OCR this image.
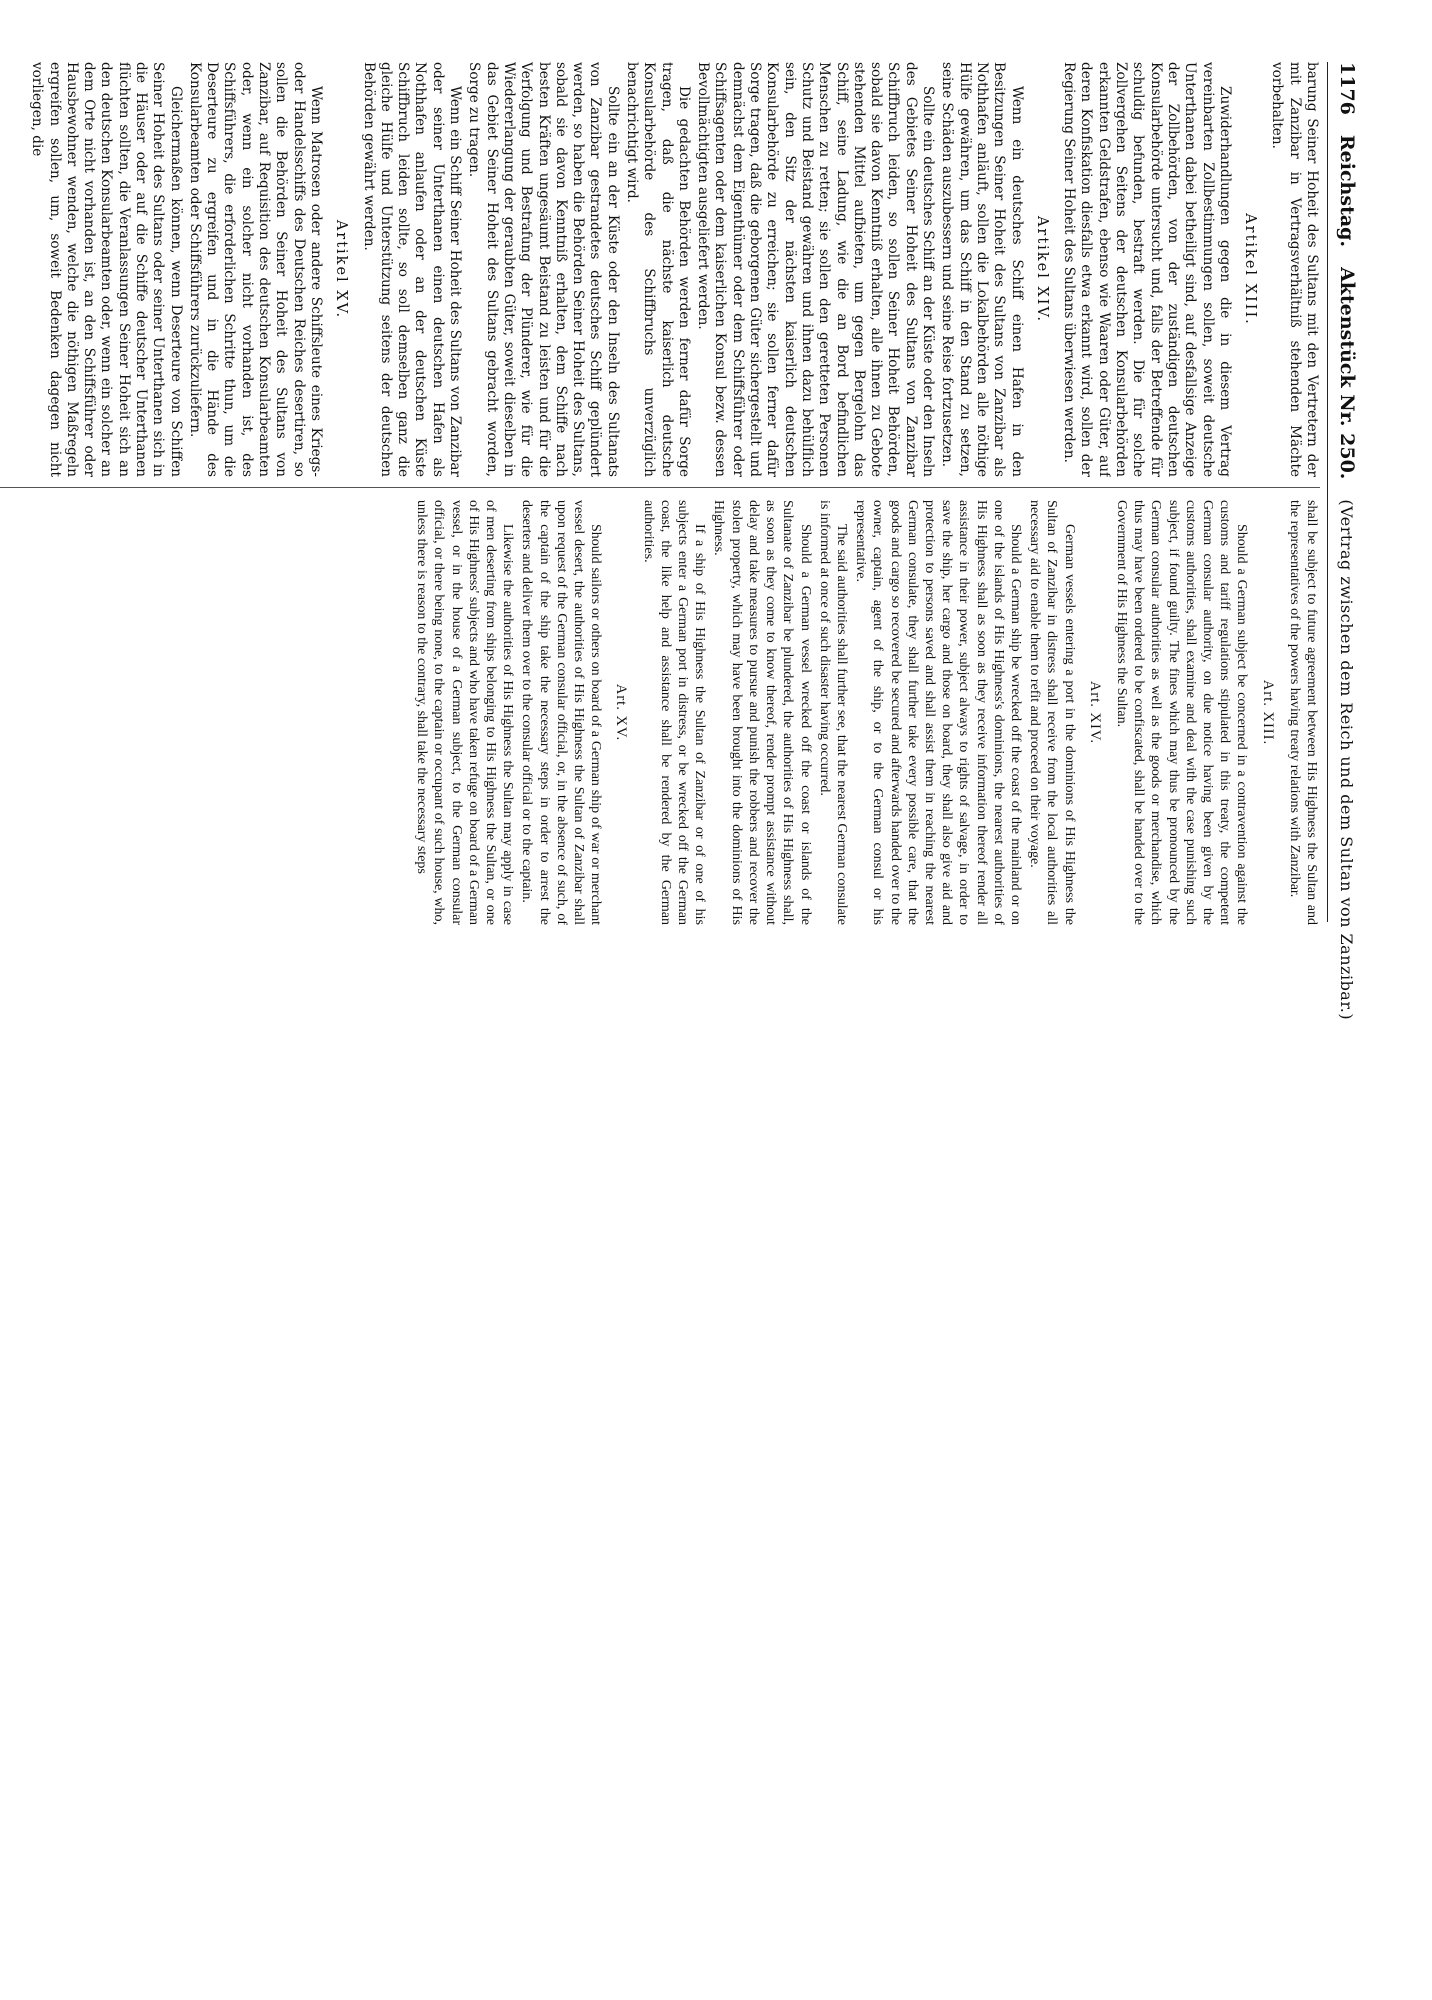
1176
Reichstag.
Aktenstück Nr. 250.
(Vertrag zwischen dem Reich und dem Sultan von Zanzibar.)

barung Seiner Hoheit des Sultans mit den Vertretern der mit Zanzibar in Vertragsverhältniß stehenden Mächte vorbehalten.

Artikel XIII.

Zuwiderhandlungen gegen die in diesem Vertrag vereinbarten Zollbestimmungen sollen, soweit deutsche Unterthanen dabei betheiligt sind, auf desfallsige Anzeige der Zollbehörden, von der zuständigen deutschen Konsularbehörde untersucht und, falls der Betreffende für schuldig befunden, bestraft werden. Die für solche Zollvergehen Seitens der deutschen Konsularbehörden erkannten Geldstrafen, ebenso wie Waaren oder Güter, auf deren Konfiskation diesfalls etwa erkannt wird, sollen der Regierung Seiner Hoheit des Sultans überwiesen werden.

Artikel XIV.

Wenn ein deutsches Schiff einen Hafen in den Besitzungen Seiner Hoheit des Sultans von Zanzibar als Nothhafen anläuft, sollen die Lokalbehörden alle nöthige Hülfe gewähren, um das Schiff in den Stand zu setzen, seine Schäden auszubessern und seine Reise fortzusetzen.

Sollte ein deutsches Schiff an der Küste oder den Inseln des Gebietes Seiner Hoheit des Sultans von Zanzibar Schiffbruch leiden, so sollen Seiner Hoheit Behörden, sobald sie davon Kenntniß erhalten, alle ihnen zu Gebote stehenden Mittel aufbieten, um gegen Bergelohn das Schiff, seine Ladung, wie die an Bord befindlichen Menschen zu retten; sie sollen den geretteten Personen Schutz und Beistand gewähren und ihnen dazu behülflich sein, den Sitz der nächsten kaiserlich deutschen Konsularbehörde zu erreichen; sie sollen ferner dafür Sorge tragen, daß die geborgenen Güter sichergestellt und demnächst dem Eigenthümer oder dem Schiffsführer oder Schiffsagenten oder dem kaiserlichen Konsul bezw. dessen Bevollmächtigten ausgeliefert werden.

Die gedachten Behörden werden ferner dafür Sorge tragen, daß die nächste kaiserlich deutsche Konsularbehörde des Schiffbruchs unverzüglich benachrichtigt wird.

Sollte ein an der Küste oder den Inseln des Sultanats von Zanzibar gestrandetes deutsches Schiff geplündert werden, so haben die Behörden Seiner Hoheit des Sultans, sobald sie davon Kenntniß erhalten, dem Schiffe nach besten Kräften ungesäumt Beistand zu leisten und für die Verfolgung und Bestrafung der Plünderer, wie für die Wiedererlangung der geraubten Güter, soweit dieselben in das Gebiet Seiner Hoheit des Sultans gebracht worden, Sorge zu tragen.

Wenn ein Schiff Seiner Hoheit des Sultans von Zanzibar oder seiner Unterthanen einen deutschen Hafen als Nothhafen anlaufen oder an der deutschen Küste Schiffbruch leiden sollte, so soll demselben ganz die gleiche Hülfe und Unterstützung seitens der deutschen Behörden gewährt werden.

Artikel XV.

Wenn Matrosen oder andere Schiffsleute eines Kriegs- oder Handelsschiffs des Deutschen Reiches desertiren, so sollen die Behörden Seiner Hoheit des Sultans von Zanzibar, auf Requisition des deutschen Konsularbeamten oder, wenn ein solcher nicht vorhanden ist, des Schiffsführers, die erforderlichen Schritte thun, um die Deserteure zu ergreifen und in die Hände des Konsularbeamten oder Schiffsführers zurückzuliefern.

Gleichermaßen können, wenn Deserteure von Schiffen Seiner Hoheit des Sultans oder seiner Unterthanen sich in die Häuser oder auf die Schiffe deutscher Unterthanen flüchten sollten, die Veranlassungen Seiner Hoheit sich an den deutschen Konsularbeamten oder, wenn ein solcher an dem Orte nicht vorhanden ist, an den Schiffsführer oder Hausbewohner wenden, welche die nöthigen Maßregeln ergreifen sollen, um, soweit Bedenken dagegen nicht vorliegen, die

shall be subject to future agreement between His Highness the Sultan and the representatives of the powers having treaty relations with Zanzibar.

Art. XIII.

Should a German subject be concerned in a contravention against the customs and tariff regulations stipulated in this treaty, the competent German consular authority, on due notice having been given by the customs authorities, shall examine and deal with the case punishing such subject, if found guilty. The fines which may thus be pronounced by the German consular authorities as well as the goods or merchandise, which thus may have been ordered to be confiscated, shall be handed over to the Government of His Highness the Sultan.

Art. XIV.

German vessels entering a port in the dominions of His Highness the Sultan of Zanzibar in distress shall receive from the local authorities all necessary aid to enable them to refit and proceed on their voyage.

Should a German ship be wrecked off the coast of the mainland or on one of the islands of His Highness's dominions, the nearest authorities of His Highness shall as soon as they receive information thereof render all assistance in their power, subject always to rights of salvage, in order to save the ship, her cargo and those on board, they shall also give aid and protection to persons saved and shall assist them in reaching the nearest German consulate, they shall further take every possible care, that the goods and cargo so recovered be secured and afterwards handed over to the owner, captain, agent of the ship, or to the German consul or his representative.

The said authorities shall further see, that the nearest German consulate is informed at once of such disaster having occurred.

Should a German vessel wrecked off the coast or islands of the Sultanate of Zanzibar be plundered, the authorities of His Highness shall, as soon as they come to know thereof, render prompt assistance without delay and take measures to pursue and punish the robbers and recover the stolen property, which may have been brought into the dominions of His Highness.

If a ship of His Highness the Sultan of Zanzibar or of one of his subjects enter a German port in distress, or be wrecked off the German coast, the like help and assistance shall be rendered by the German authorities.

Art. XV.

Should sailors or others on board of a German ship of war or merchant vessel desert, the authorities of His Highness the Sultan of Zanzibar shall upon request of the German consular official, or, in the absence of such, of the captain of the ship take the necessary steps in order to arrest the deserters and deliver them over to the consular official or to the captain.

Likewise the authorities of His Highness the Sultan may apply in case of men deserting from ships belonging to His Highness the Sultan, or one of His Highness' subjects and who have taken refuge on board of a German vessel, or in the house of a German subject, to the German consular official, or there being none, to the captain or occupant of such house, who, unless there is reason to the contrary, shall take the necessary steps
